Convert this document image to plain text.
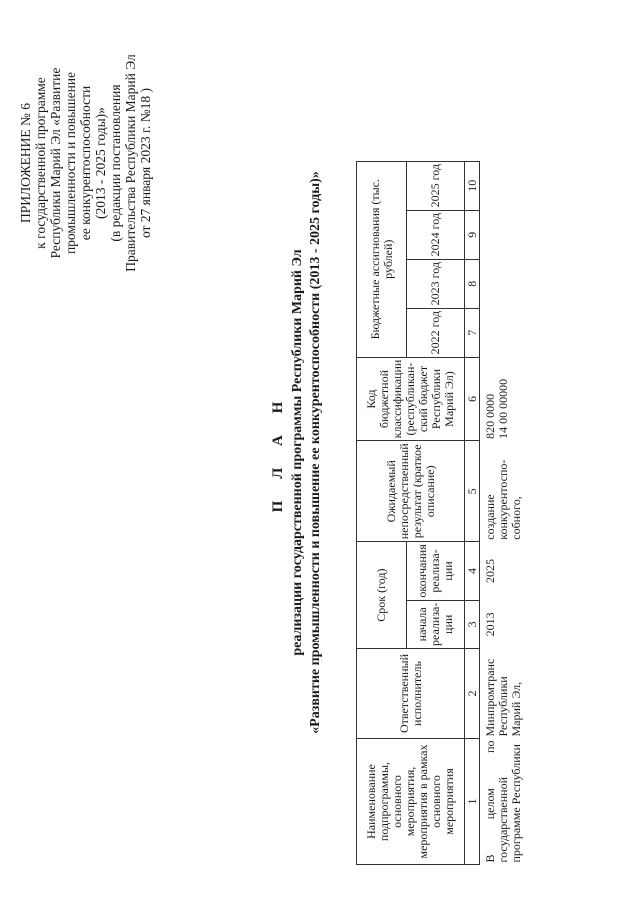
ПРИЛОЖЕНИЕ № 6 к государственной программе Республики Марий Эл «Развитие промышленности и повышение ее конкурентоспособности (2013 - 2025 годы)» (в редакции постановления Правительства Республики Марий Эл от 27 января 2023 г. №18 )
П Л А Н реализации государственной программы Республики Марий Эл «Развитие промышленности и повышение ее конкурентоспособности (2013 - 2025 годы)»
Наименование подпрограммы, основного мероприятия, мероприятия в рамках основного мероприятия	Ответственный исполнитель	Срок (год)		Ожидаемый непосредственный результат (краткое описание)	Код бюджетной классификации (республикан-ский бюджет Республики Марий Эл)	Бюджетные ассигнования (тыс. рублей)			
		начала реализа-ции	окончания реализа-ции			2022 год	2023 год	2024 год	2025 год
1	2	3	4	5	6	7	8	9	10
В целом по государственной программе Республики	Минпромтранс Республики Марий Эл,	2013	2025	создание конкурентоспо-собного,	820 0000 14 00 00000				
